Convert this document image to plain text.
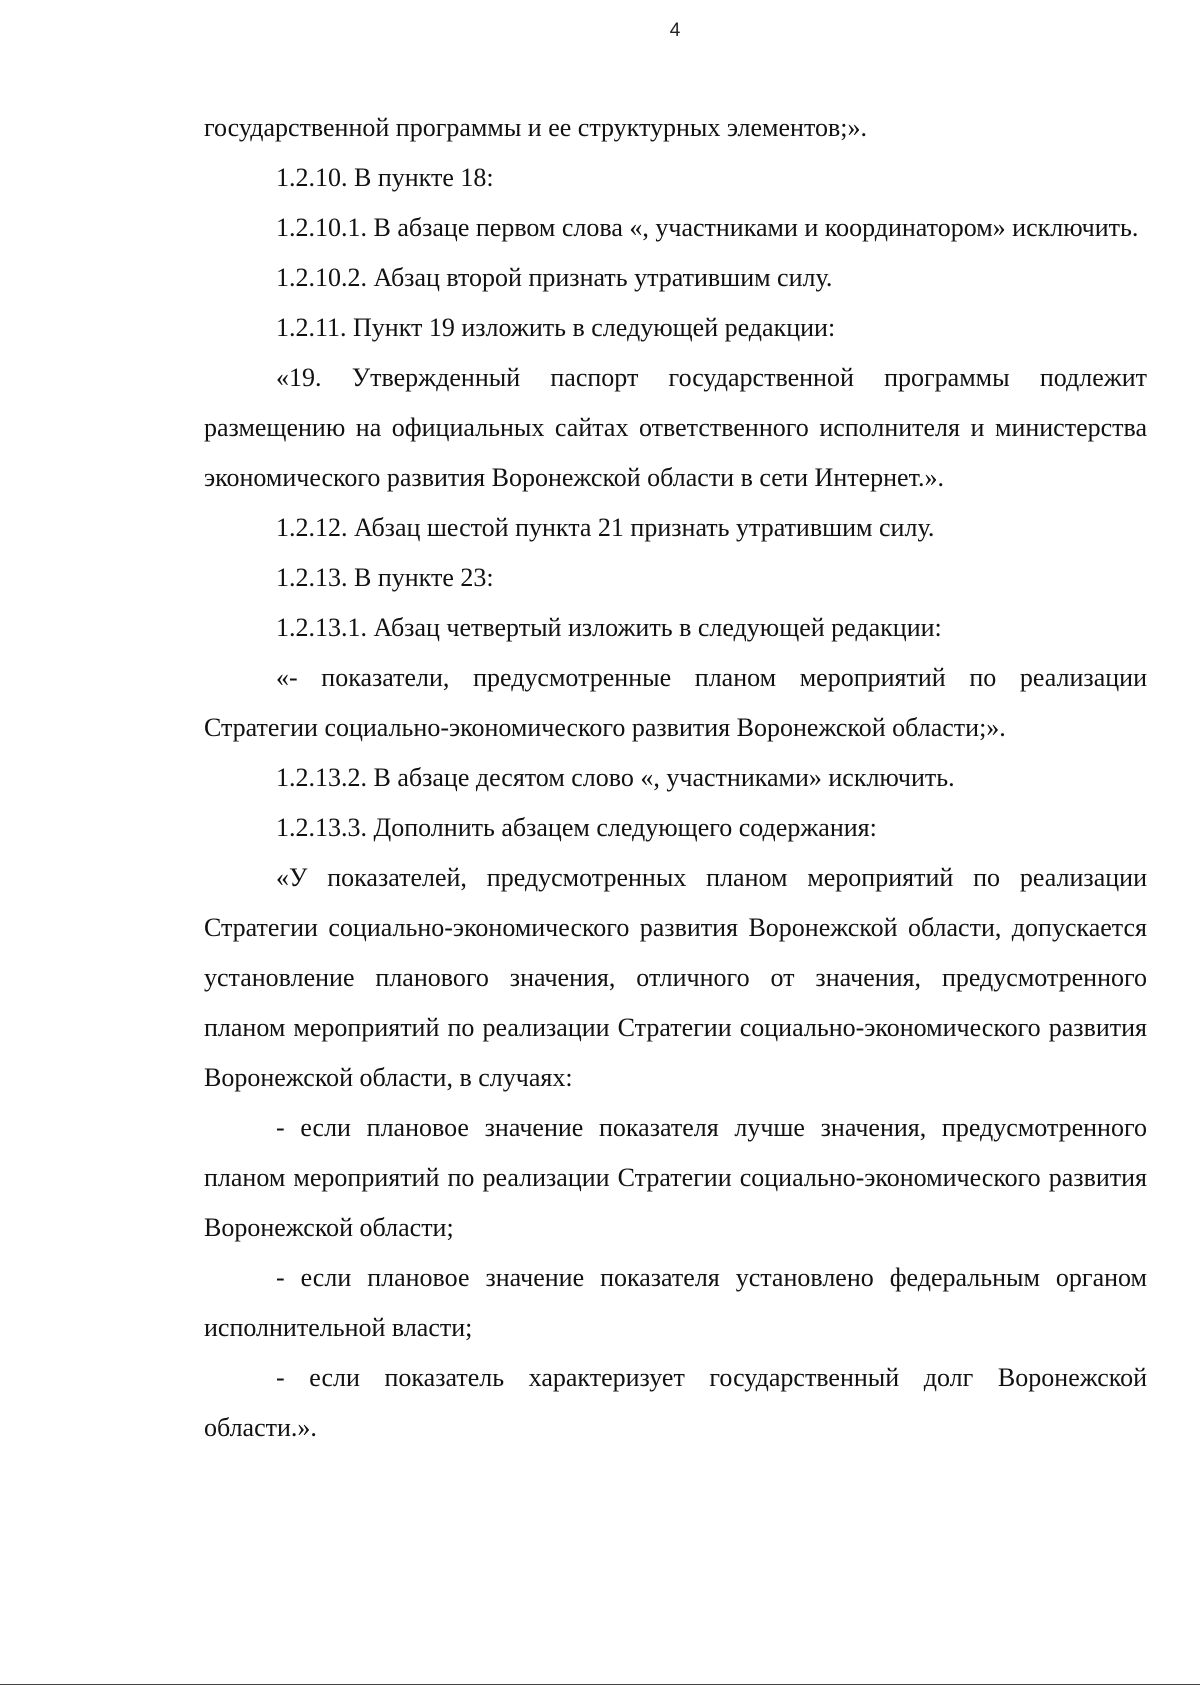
4

государственной программы и ее структурных элементов;».

1.2.10. В пункте 18:

1.2.10.1. В абзаце первом слова «, участниками и координатором» исключить.

1.2.10.2. Абзац второй признать утратившим силу.

1.2.11. Пункт 19 изложить в следующей редакции:

«19. Утвержденный паспорт государственной программы подлежит размещению на официальных сайтах ответственного исполнителя и министерства экономического развития Воронежской области в сети Интернет.».

1.2.12. Абзац шестой пункта 21 признать утратившим силу.

1.2.13. В пункте 23:

1.2.13.1. Абзац четвертый изложить в следующей редакции:

«- показатели, предусмотренные планом мероприятий по реализации Стратегии социально-экономического развития Воронежской области;».

1.2.13.2. В абзаце десятом слово «, участниками» исключить.

1.2.13.3. Дополнить абзацем следующего содержания:

«У показателей, предусмотренных планом мероприятий по реализации Стратегии социально-экономического развития Воронежской области, допускается установление планового значения, отличного от значения, предусмотренного планом мероприятий по реализации Стратегии социально-экономического развития Воронежской области, в случаях:

- если плановое значение показателя лучше значения, предусмотренного планом мероприятий по реализации Стратегии социально-экономического развития Воронежской области;

- если плановое значение показателя установлено федеральным органом исполнительной власти;

- если показатель характеризует государственный долг Воронежской области.».
